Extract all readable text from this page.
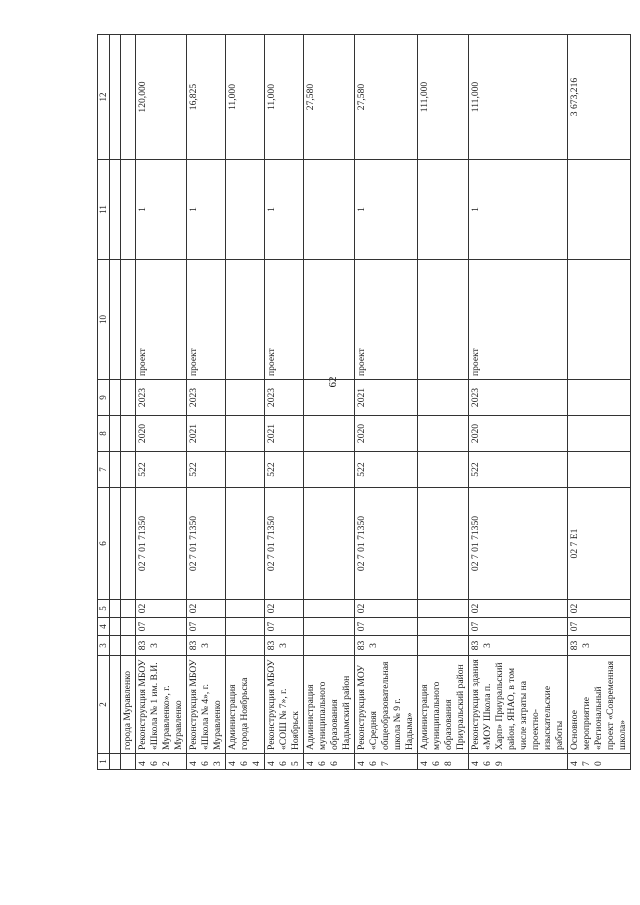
62
1	2	3	4	5	6	7	8	9	10	11	12

	города Муравленко										
462	Реконструкция МБОУ «Школа № 1 им. В.И. Муравленко», г. Муравленко	833	07	02	02 7 01 71350	522	2020	2023	проект	1	120,000
463	Реконструкция МБОУ «Школа № 4», г. Муравленко	833	07	02	02 7 01 71350	522	2021	2023	проект	1	16,825
464	Администрация города Ноябрьска										11,000
465	Реконструкция МБОУ «СОШ № 7», г. Ноябрьск	833	07	02	02 7 01 71350	522	2021	2023	проект	1	11,000
466	Администрация муниципального образования Надымский район										27,580
467	Реконструкция МОУ «Средняя общеобразовательная школа № 9 г. Надыма»	833	07	02	02 7 01 71350	522	2020	2021	проект	1	27,580
468	Администрация муниципального образования Приуральский район										111,000
469	Реконструкция здания «МОУ Школа п. Харп» Приуральский район, ЯНАО, в том числе затраты на проектно-изыскательские работы	833	07	02	02 7 01 71350	522	2020	2023	проект	1	111,000
470	Основное мероприятие «Региональный проект «Современная школа»	833	07	02	02 7 E1						3 673,216
